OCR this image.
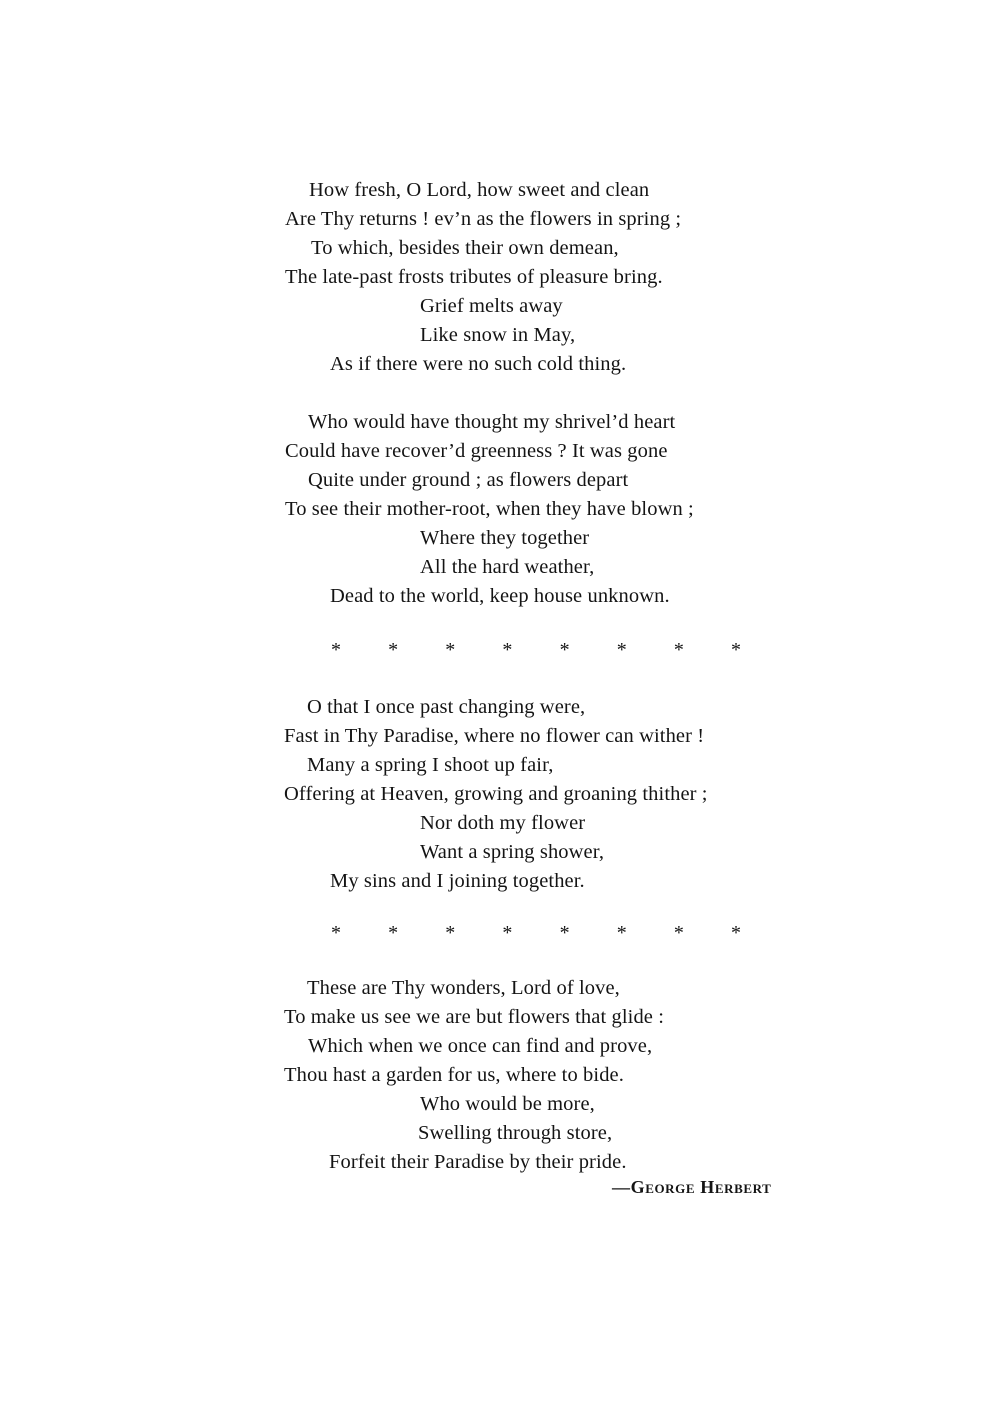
How fresh, O Lord, how sweet and clean
Are Thy returns ! ev’n as the flowers in spring ;
To which, besides their own demean,
The late-past frosts tributes of pleasure bring.
Grief melts away
Like snow in May,
As if there were no such cold thing.
Who would have thought my shrivel’d heart
Could have recover’d greenness ? It was gone
Quite under ground ; as flowers depart
To see their mother-root, when they have blown ;
Where they together
All the hard weather,
Dead to the world, keep house unknown.
* * * * * * * *
O that I once past changing were,
Fast in Thy Paradise, where no flower can wither !
Many a spring I shoot up fair,
Offering at Heaven, growing and groaning thither ;
Nor doth my flower
Want a spring shower,
My sins and I joining together.
* * * * * * * *
These are Thy wonders, Lord of love,
To make us see we are but flowers that glide :
Which when we once can find and prove,
Thou hast a garden for us, where to bide.
Who would be more,
Swelling through store,
Forfeit their Paradise by their pride.
—George Herbert
